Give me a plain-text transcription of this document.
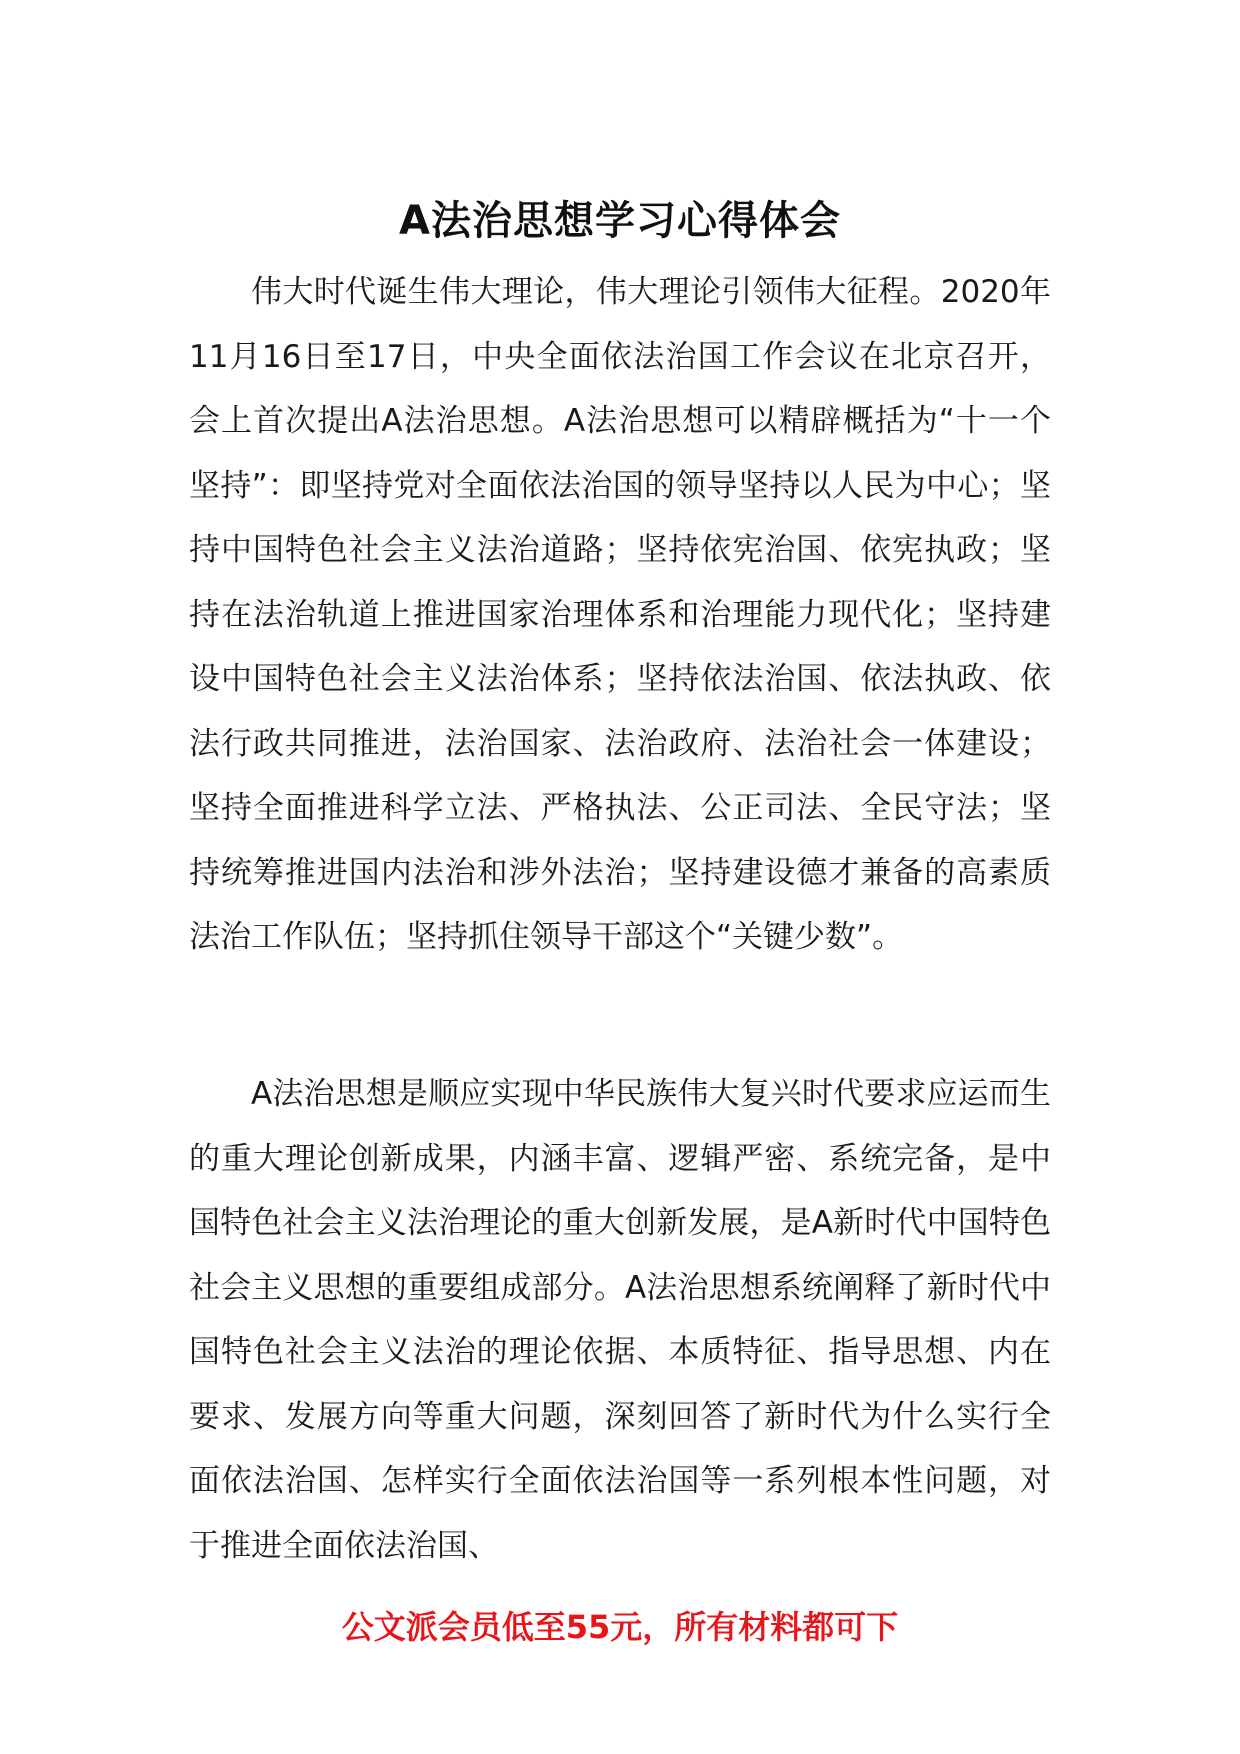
A法治思想学习心得体会

伟大时代诞生伟大理论，伟大理论引领伟大征程。2020年11月16日至17日，中央全面依法治国工作会议在北京召开，会上首次提出A法治思想。A法治思想可以精辟概括为“十一个坚持”：即坚持党对全面依法治国的领导坚持以人民为中心；坚持中国特色社会主义法治道路；坚持依宪治国、依宪执政；坚持在法治轨道上推进国家治理体系和治理能力现代化；坚持建设中国特色社会主义法治体系；坚持依法治国、依法执政、依法行政共同推进，法治国家、法治政府、法治社会一体建设；坚持全面推进科学立法、严格执法、公正司法、全民守法；坚持统筹推进国内法治和涉外法治；坚持建设德才兼备的高素质法治工作队伍；坚持抓住领导干部这个“关键少数”。

A法治思想是顺应实现中华民族伟大复兴时代要求应运而生的重大理论创新成果，内涵丰富、逻辑严密、系统完备，是中国特色社会主义法治理论的重大创新发展，是A新时代中国特色社会主义思想的重要组成部分。A法治思想系统阐释了新时代中国特色社会主义法治的理论依据、本质特征、指导思想、内在要求、发展方向等重大问题，深刻回答了新时代为什么实行全面依法治国、怎样实行全面依法治国等一系列根本性问题，对于推进全面依法治国、

公文派会员低至55元，所有材料都可下
